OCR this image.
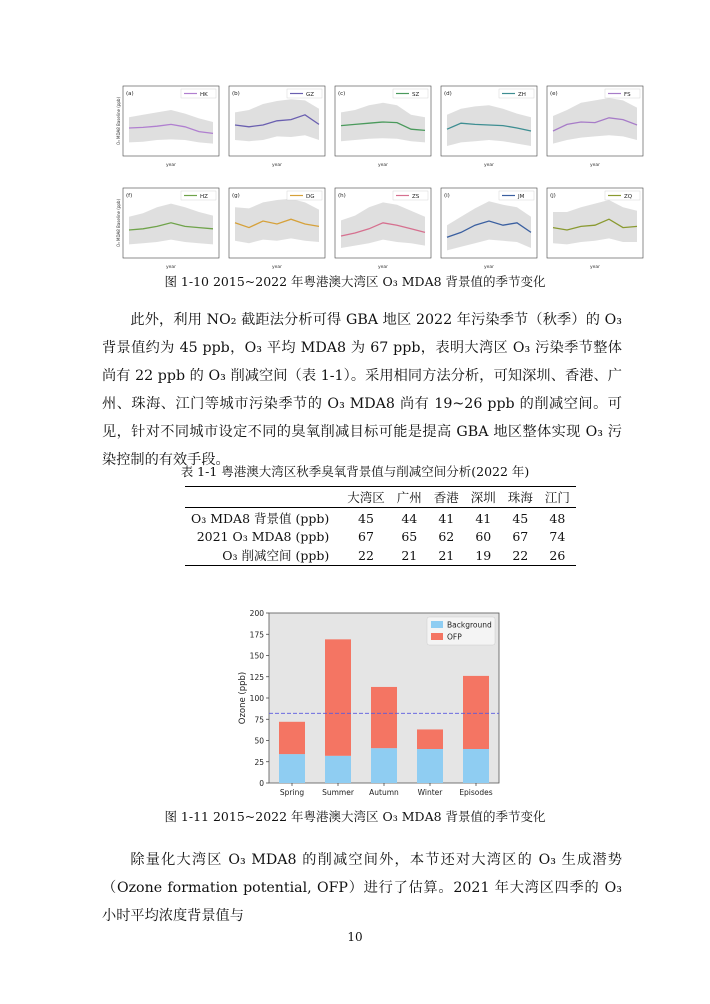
(a)	HK
O₃ MDA8 Baseline (ppb)
year
(b)	GZ
year
(c)	SZ
year
(d)	ZH
year
(e)	FS
year
(f)	HZ
O₃ MDA8 Baseline (ppb)
year
(g)	DG
year
(h)	ZS
year
(i)	JM
year
(j)	ZQ
year
图 1-10 2015~2022 年粤港澳大湾区 O₃ MDA8 背景值的季节变化

此外，利用 NO₂ 截距法分析可得 GBA 地区 2022 年污染季节（秋季）的 O₃ 背景值约为 45 ppb，O₃ 平均 MDA8 为 67 ppb，表明大湾区 O₃ 污染季节整体尚有 22 ppb 的 O₃ 削减空间（表 1-1）。采用相同方法分析，可知深圳、香港、广州、珠海、江门等城市污染季节的 O₃ MDA8 尚有 19~26 ppb 的削减空间。可见，针对不同城市设定不同的臭氧削减目标可能是提高 GBA 地区整体实现 O₃ 污染控制的有效手段。

表 1-1 粤港澳大湾区秋季臭氧背景值与削减空间分析(2022 年)
	大湾区	广州	香港	深圳	珠海	江门
O₃ MDA8 背景值 (ppb)	45	44	41	41	45	48
2021 O₃ MDA8 (ppb)	67	65	62	60	67	74
O₃ 削减空间 (ppb)	22	21	21	19	22	26
0
25
50
75
100
125
150
175
200
Ozone (ppb)
Spring Summer Autumn	Winter Episodes
Background
OFP
图 1-11 2015~2022 年粤港澳大湾区 O₃ MDA8 背景值的季节变化

除量化大湾区 O₃ MDA8 的削减空间外，本节还对大湾区的 O₃ 生成潜势（Ozone formation potential, OFP）进行了估算。2021 年大湾区四季的 O₃ 小时平均浓度背景值与

10
